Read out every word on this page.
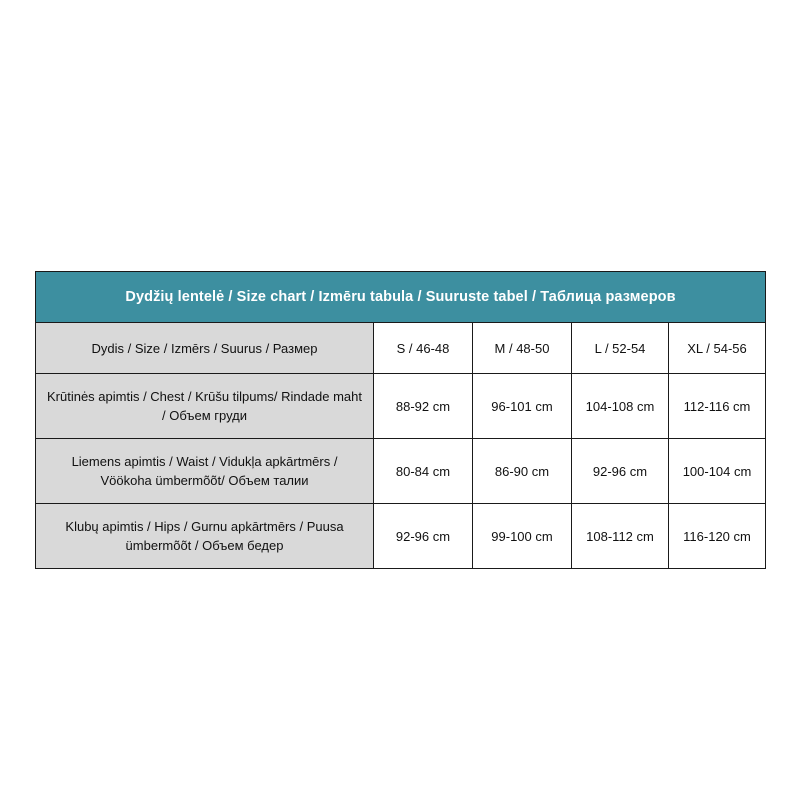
Dydžių lentelė / Size chart / Izmēru tabula / Suuruste tabel / Таблица размеров				
Dydis / Size / Izmērs / Suurus / Размер	S / 46-48	M / 48-50	L / 52-54	XL / 54-56
Krūtinės apimtis / Chest / Krūšu tilpums/ Rindade maht / Объем груди	88-92 cm	96-101 cm	104-108 cm	112-116 cm
Liemens apimtis / Waist / Vidukļa apkārtmērs / Vöökoha ümbermõõt/ Объем талии	80-84 cm	86-90 cm	92-96 cm	100-104 cm
Klubų apimtis / Hips / Gurnu apkārtmērs / Puusa ümbermõõt / Объем бедер	92-96 cm	99-100 cm	108-112 cm	116-120 cm
